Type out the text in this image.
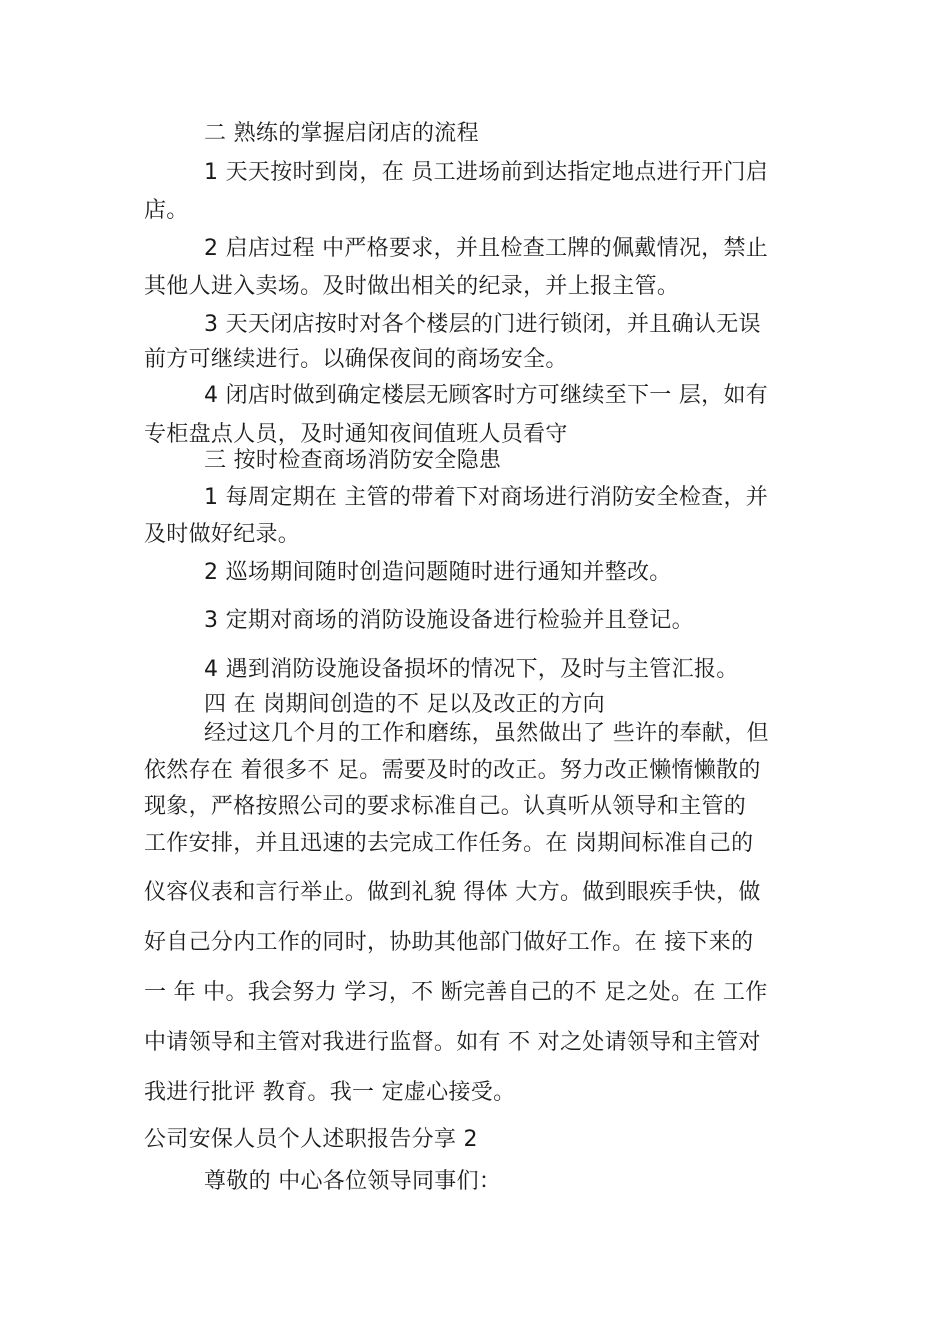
二 熟练的掌握启闭店的流程

1 天天按时到岗，在 员工进场前到达指定地点进行开门启

店。

2 启店过程 中严格要求，并且检查工牌的佩戴情况，禁止

其他人进入卖场。及时做出相关的纪录，并上报主管。

3 天天闭店按时对各个楼层的门进行锁闭，并且确认无误

前方可继续进行。以确保夜间的商场安全。

4 闭店时做到确定楼层无顾客时方可继续至下一 层，如有

专柜盘点人员，及时通知夜间值班人员看守

三 按时检查商场消防安全隐患

1 每周定期在 主管的带着下对商场进行消防安全检查，并

及时做好纪录。

2 巡场期间随时创造问题随时进行通知并整改。

3 定期对商场的消防设施设备进行检验并且登记。

4 遇到消防设施设备损坏的情况下，及时与主管汇报。

四 在 岗期间创造的不 足以及改正的方向

经过这几个月的工作和磨练，虽然做出了 些许的奉献，但

依然存在 着很多不 足。需要及时的改正。努力改正懒惰懒散的

现象，严格按照公司的要求标准自己。认真听从领导和主管的

工作安排，并且迅速的去完成工作任务。在 岗期间标准自己的

仪容仪表和言行举止。做到礼貌 得体 大方。做到眼疾手快，做

好自己分内工作的同时，协助其他部门做好工作。在 接下来的

一 年 中。我会努力 学习，不 断完善自己的不 足之处。在 工作

中请领导和主管对我进行监督。如有 不 对之处请领导和主管对

我进行批评 教育。我一 定虚心接受。

公司安保人员个人述职报告分享 2

尊敬的 中心各位领导同事们：
